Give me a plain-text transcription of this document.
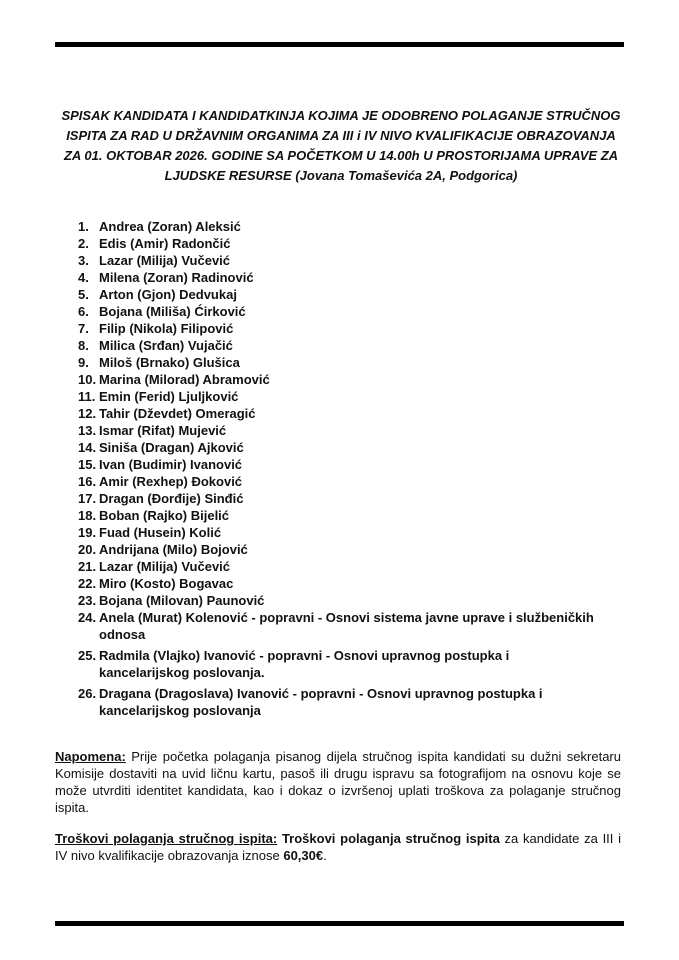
SPISAK KANDIDATA I KANDIDATKINJA KOJIMA JE ODOBRENO POLAGANJE STRUČNOG ISPITA ZA RAD U DRŽAVNIM ORGANIMA ZA III i IV NIVO KVALIFIKACIJE OBRAZOVANJA ZA 01. OKTOBAR 2026. GODINE SA POČETKOM U 14.00h U PROSTORIJAMA UPRAVE ZA LJUDSKE RESURSE (Jovana Tomaševića 2A, Podgorica)
1. Andrea (Zoran) Aleksić
2. Edis (Amir) Radončić
3. Lazar (Milija) Vučević
4. Milena (Zoran) Radinović
5. Arton (Gjon) Dedvukaj
6. Bojana (Miliša) Ćirković
7. Filip (Nikola) Filipović
8. Milica (Srđan) Vujačić
9. Miloš (Brnako) Glušica
10. Marina (Milorad) Abramović
11. Emin (Ferid) Ljuljković
12. Tahir (Dževdet) Omeragić
13. Ismar (Rifat) Mujević
14. Siniša (Dragan) Ajković
15. Ivan (Budimir) Ivanović
16. Amir (Rexhep) Đoković
17. Dragan (Đorđije) Sinđić
18. Boban (Rajko) Bijelić
19. Fuad (Husein) Kolić
20. Andrijana (Milo) Bojović
21. Lazar (Milija) Vučević
22. Miro (Kosto) Bogavac
23. Bojana (Milovan) Paunović
24. Anela (Murat) Kolenović - popravni - Osnovi sistema javne uprave i službeničkih odnosa
25. Radmila (Vlajko) Ivanović - popravni - Osnovi upravnog postupka i kancelarijskog poslovanja.
26. Dragana (Dragoslava) Ivanović - popravni - Osnovi upravnog postupka i kancelarijskog poslovanja

Napomena: Prije početka polaganja pisanog dijela stručnog ispita kandidati su dužni sekretaru Komisije dostaviti na uvid ličnu kartu, pasoš ili drugu ispravu sa fotografijom na osnovu koje se može utvrditi identitet kandidata, kao i dokaz o izvršenoj uplati troškova za polaganje stručnog ispita.

Troškovi polaganja stručnog ispita: Troškovi polaganja stručnog ispita za kandidate za III i IV nivo kvalifikacije obrazovanja iznose 60,30€.
